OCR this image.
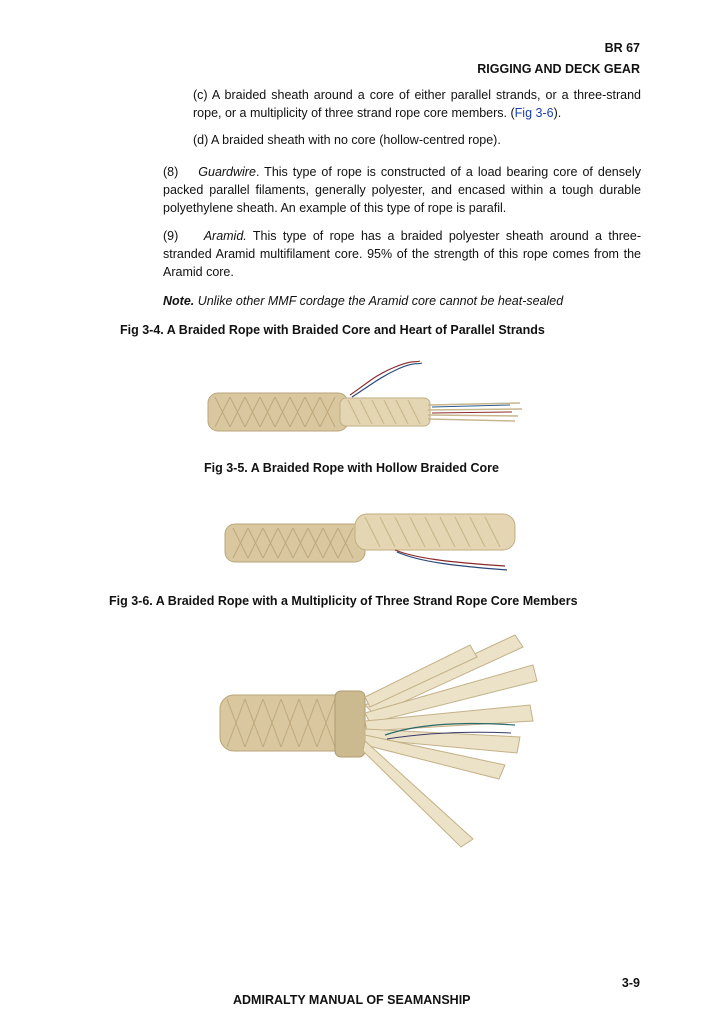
BR 67
RIGGING AND DECK GEAR
(c) A braided sheath around a core of either parallel strands, or a three-strand rope, or a multiplicity of three strand rope core members. (Fig 3-6).
(d) A braided sheath with no core (hollow-centred rope).
(8) Guardwire. This type of rope is constructed of a load bearing core of densely packed parallel filaments, generally polyester, and encased within a tough durable polyethylene sheath. An example of this type of rope is parafil.
(9) Aramid. This type of rope has a braided polyester sheath around a three-stranded Aramid multifilament core. 95% of the strength of this rope comes from the Aramid core.
Note. Unlike other MMF cordage the Aramid core cannot be heat-sealed
Fig 3-4. A Braided Rope with Braided Core and Heart of Parallel Strands
Fig 3-5. A Braided Rope with Hollow Braided Core
Fig 3-6. A Braided Rope with a Multiplicity of Three Strand Rope Core Members
3-9
ADMIRALTY MANUAL OF SEAMANSHIP
